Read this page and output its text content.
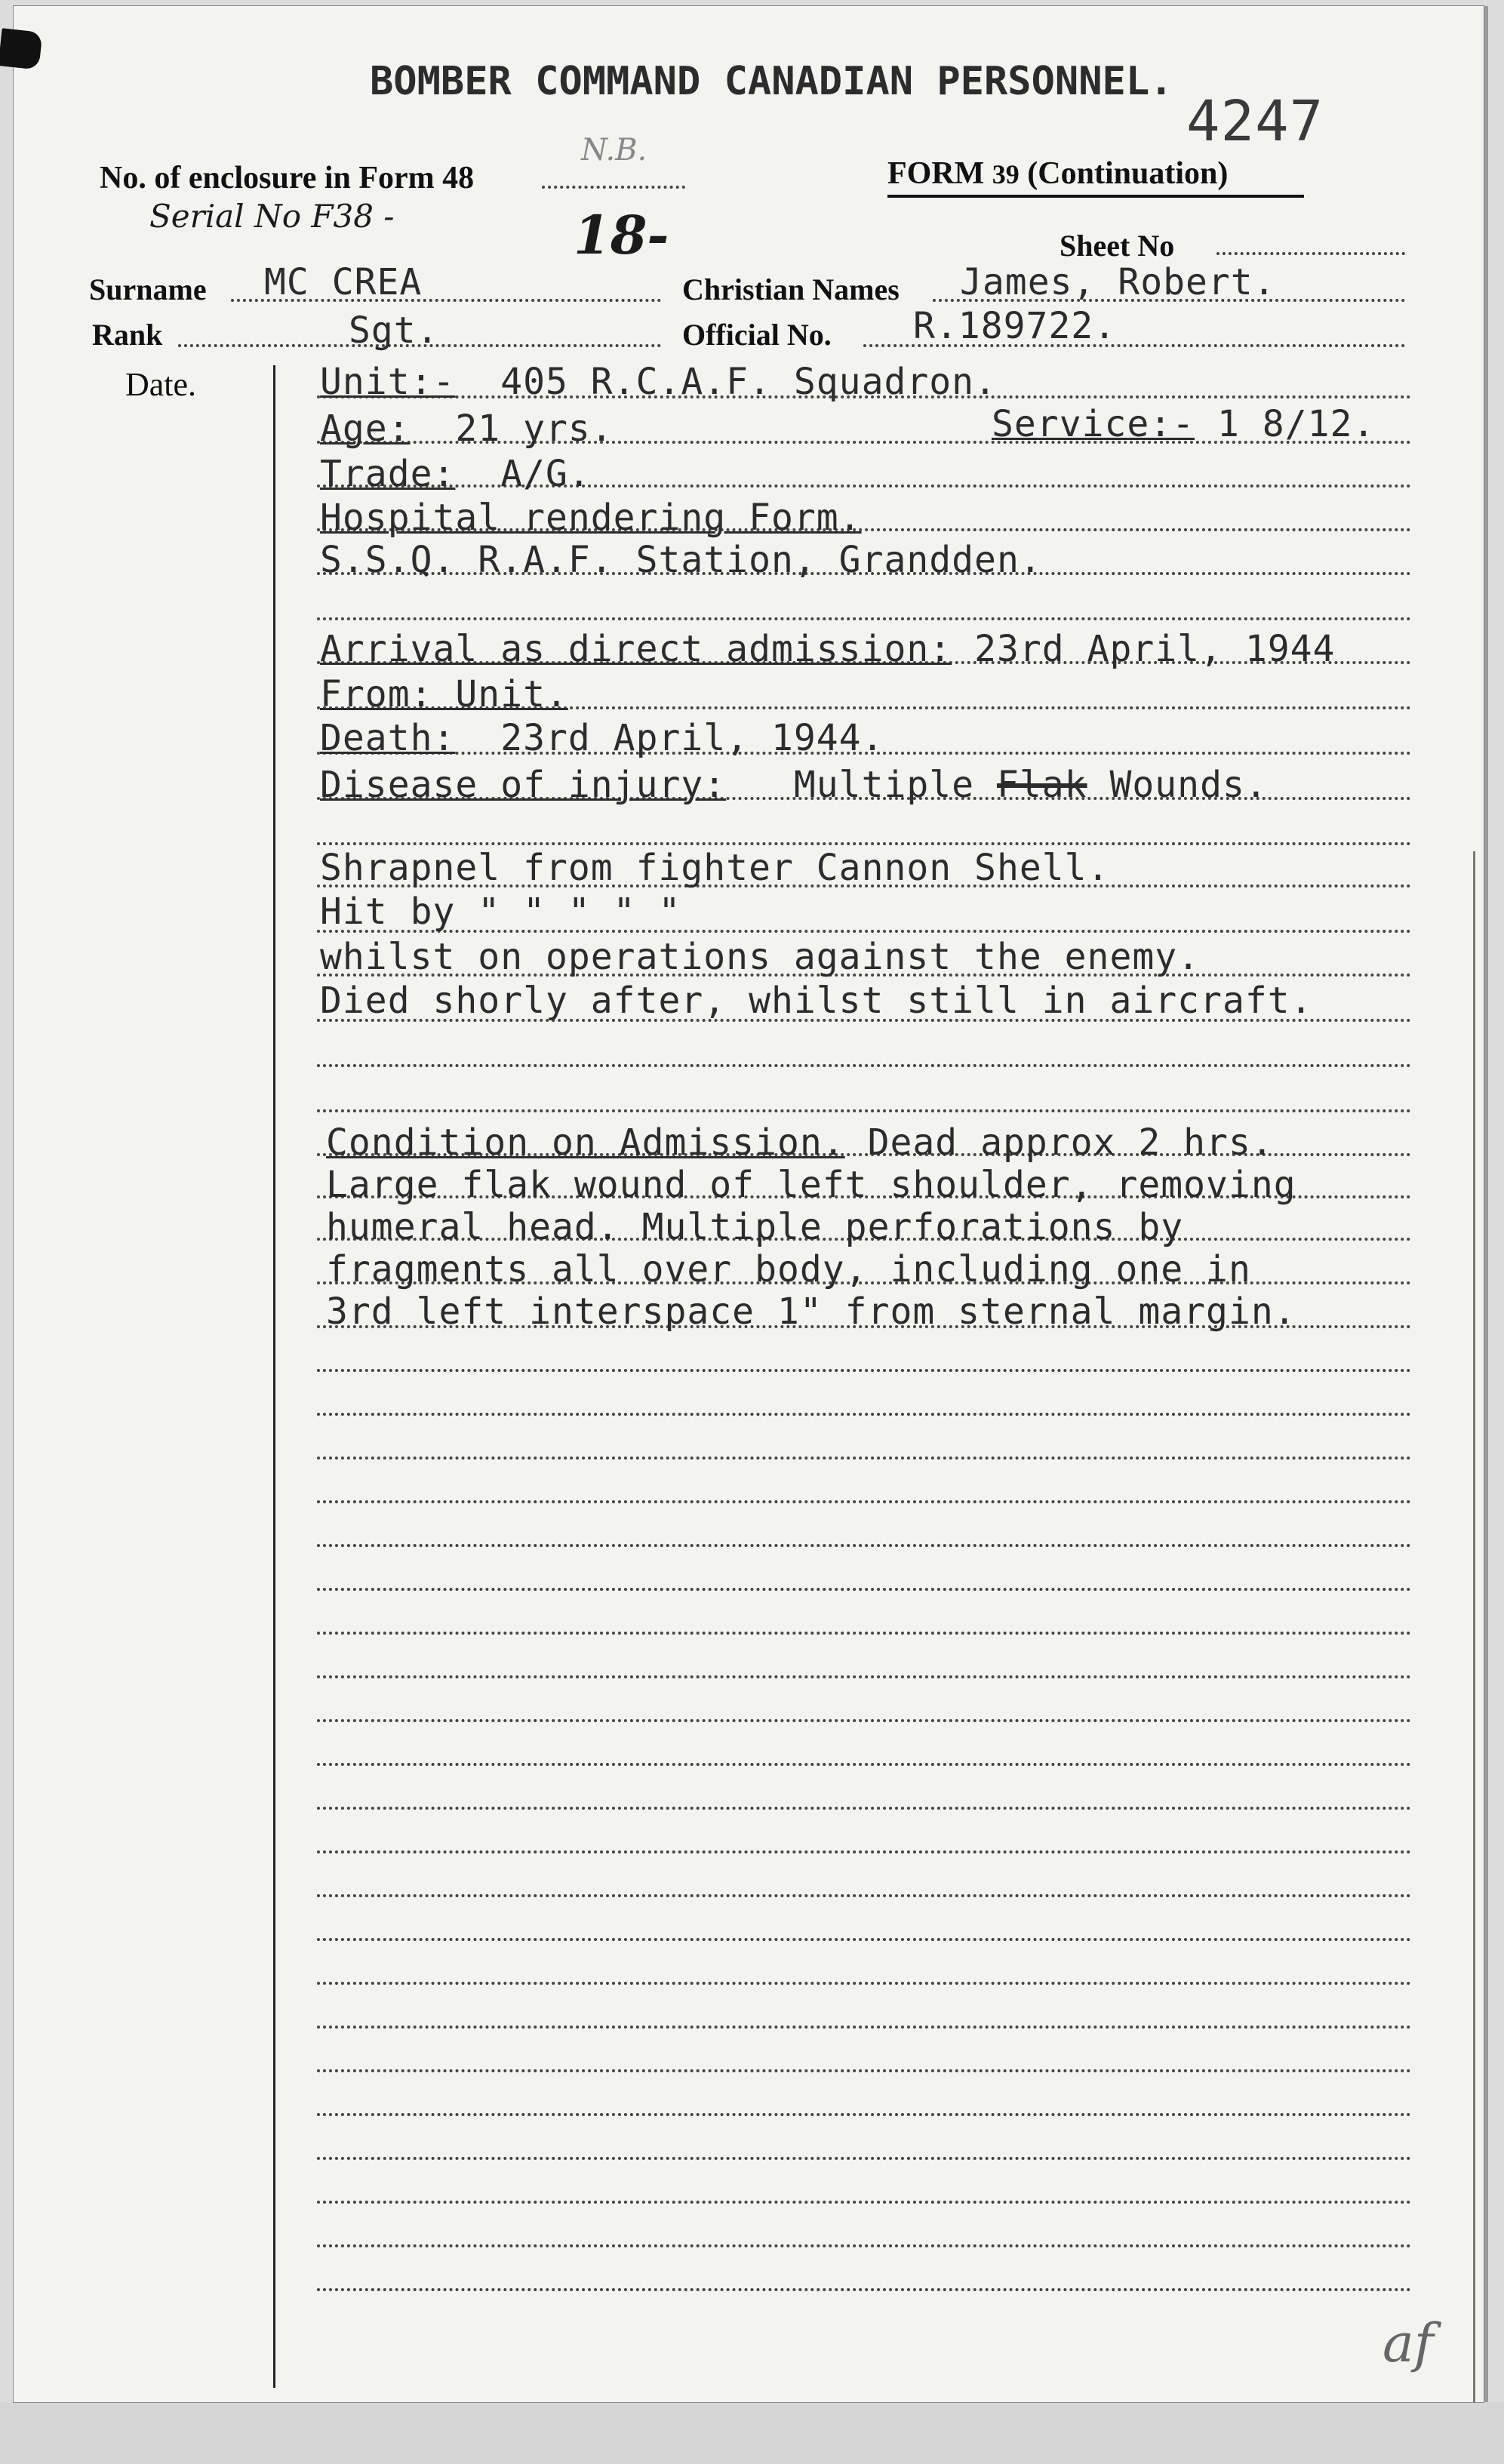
BOMBER COMMAND CANADIAN PERSONNEL.
4247
No. of enclosure in Form 48
N.B.
Serial No F38 -	18-
FORM 39 (Continuation)
Sheet No
Surname MC CREA	Christian Names James, Robert.
Rank	Sgt.	Official No. R.189722.
Date.	Unit:- 405 R.C.A.F. Squadron.
Age: 21 yrs.	Service:- 1 8/12.
Trade: A/G.
Hospital rendering Form.
S.S.Q. R.A.F. Station, Grandden.
Arrival as direct admission: 23rd April, 1944
From: Unit.
Death: 23rd April, 1944.
Disease of injury: Multiple Flak Wounds.
Shrapnel from fighter Cannon Shell.
Hit by " " " " "
whilst on operations against the enemy.
Died shorly after, whilst still in aircraft.
Condition on Admission. Dead approx 2 hrs.
Large flak wound of left shoulder, removing
humeral head. Multiple perforations by
fragments all over body, including one in
3rd left interspace 1" from sternal margin.
af
